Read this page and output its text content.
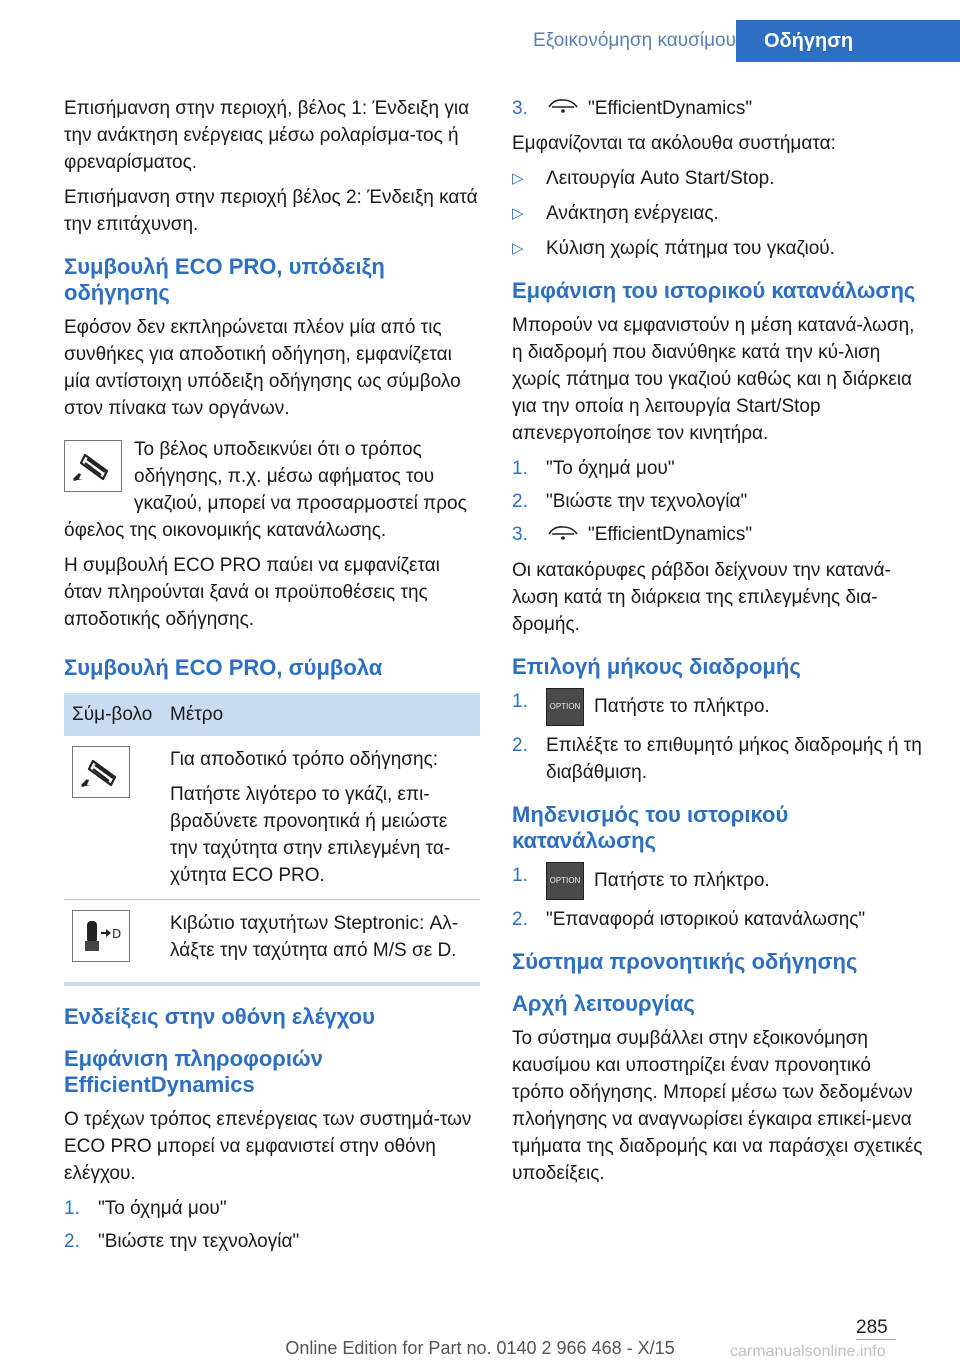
Εξοικονόμηση καυσίμου	Οδήγηση

Επισήμανση στην περιοχή, βέλος 1: Ένδειξη για την ανάκτηση ενέργειας μέσω ρολαρίσμα-τος ή φρεναρίσματος.

Επισήμανση στην περιοχή βέλος 2: Ένδειξη κατά την επιτάχυνση.

Συμβουλή ECO PRO, υπόδειξη οδήγησης

Εφόσον δεν εκπληρώνεται πλέον μία από τις συνθήκες για αποδοτική οδήγηση, εμφανίζεται μία αντίστοιχη υπόδειξη οδήγησης ως σύμβολο στον πίνακα των οργάνων.

Το βέλος υποδεικνύει ότι ο τρόπος οδήγησης, π.χ. μέσω αφήματος του γκαζιού, μπορεί να προσαρμοστεί προς όφελος της οικονομικής κατανάλωσης.

Η συμβουλή ECO PRO παύει να εμφανίζεται όταν πληρούνται ξανά οι προϋποθέσεις της αποδοτικής οδήγησης.

Συμβουλή ECO PRO, σύμβολα
Σύμ-βολο	Μέτρο

Για αποδοτικό τρόπο οδήγησης:

Πατήστε λιγότερο το γκάζι, επι-βραδύνετε προνοητικά ή μειώστε την ταχύτητα στην επιλεγμένη τα-χύτητα ECO PRO.

D	Κιβώτιο ταχυτήτων Steptronic: Αλ-λάξτε την ταχύτητα από M/S σε D.
Ενδείξεις στην οθόνη ελέγχου
Εμφάνιση πληροφοριών EfficientDynamics

Ο τρέχων τρόπος επενέργειας των συστημά-των ECO PRO μπορεί να εμφανιστεί στην οθόνη ελέγχου.

1. "Το όχημά μου"
2. "Βιώστε την τεχνολογία"
3.	"EfficientDynamics"

Εμφανίζονται τα ακόλουθα συστήματα:

▷ Λειτουργία Auto Start/Stop.
▷ Ανάκτηση ενέργειας.
▷ Κύλιση χωρίς πάτημα του γκαζιού.
Εμφάνιση του ιστορικού κατανάλωσης

Μπορούν να εμφανιστούν η μέση κατανά-λωση, η διαδρομή που διανύθηκε κατά την κύ-λιση χωρίς πάτημα του γκαζιού καθώς και η διάρκεια για την οποία η λειτουργία Start/Stop απενεργοποίησε τον κινητήρα.

1. "Το όχημά μου"
2. "Βιώστε την τεχνολογία"
3.	"EfficientDynamics"

Οι κατακόρυφες ράβδοι δείχνουν την κατανά-λωση κατά τη διάρκεια της επιλεγμένης δια-δρομής.

Επιλογή μήκους διαδρομής
1.	OPTION Πατήστε το πλήκτρο.
2. Επιλέξτε το επιθυμητό μήκος διαδρομής ή τη διαβάθμιση.
Μηδενισμός του ιστορικού κατανάλωσης
1.	OPTION Πατήστε το πλήκτρο.
2. "Επαναφορά ιστορικού κατανάλωσης"
Σύστημα προνοητικής οδήγησης
Αρχή λειτουργίας

Το σύστημα συμβάλλει στην εξοικονόμηση καυσίμου και υποστηρίζει έναν προνοητικό τρόπο οδήγησης. Μπορεί μέσω των δεδομένων πλοήγησης να αναγνωρίσει έγκαιρα επικεί-μενα τμήματα της διαδρομής και να παράσχει σχετικές υποδείξεις.

285
Online Edition for Part no. 0140 2 966 468 - X/15	carmanualsonline.info
